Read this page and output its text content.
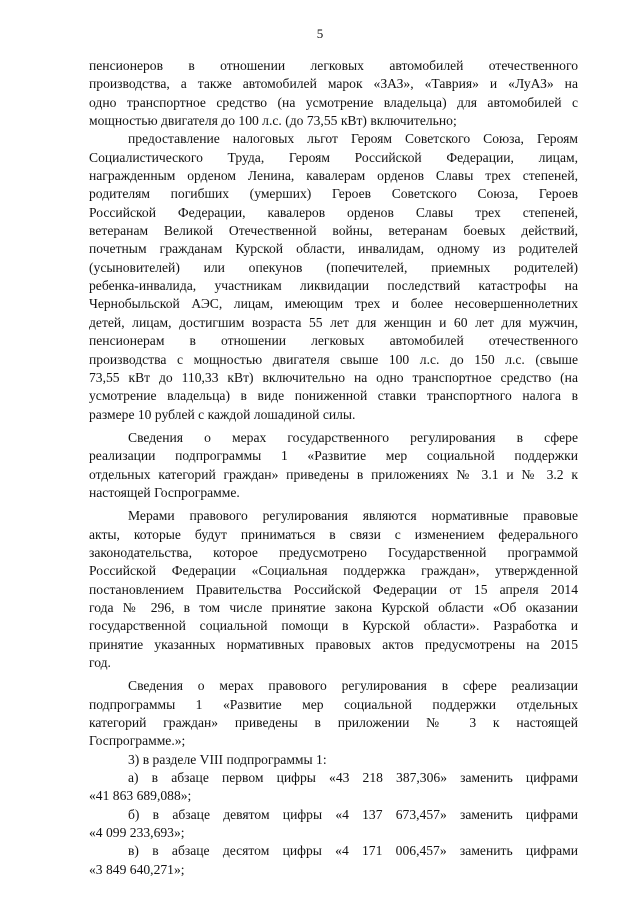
5

пенсионеров в отношении легковых автомобилей отечественного
производства, а также автомобилей марок «ЗАЗ», «Таврия» и «ЛуАЗ» на
одно транспортное средство (на усмотрение владельца) для автомобилей с
мощностью двигателя до 100 л.с. (до 73,55 кВт) включительно;

предоставление налоговых льгот Героям Советского Союза, Героям
Социалистического Труда, Героям Российской Федерации, лицам,
награжденным орденом Ленина, кавалерам орденов Славы трех степеней,
родителям погибших (умерших) Героев Советского Союза, Героев
Российской Федерации, кавалеров орденов Славы трех степеней,
ветеранам Великой Отечественной войны, ветеранам боевых действий,
почетным гражданам Курской области, инвалидам, одному из родителей
(усыновителей) или опекунов (попечителей, приемных родителей)
ребенка-инвалида, участникам ликвидации последствий катастрофы на
Чернобыльской АЭС, лицам, имеющим трех и более несовершеннолетних
детей, лицам, достигшим возраста 55 лет для женщин и 60 лет для мужчин,
пенсионерам в отношении легковых автомобилей отечественного
производства с мощностью двигателя свыше 100 л.с. до 150 л.с. (свыше
73,55 кВт до 110,33 кВт) включительно на одно транспортное средство (на
усмотрение владельца) в виде пониженной ставки транспортного налога в
размере 10 рублей с каждой лошадиной силы.

Сведения о мерах государственного регулирования в сфере
реализации подпрограммы 1 «Развитие мер социальной поддержки
отдельных категорий граждан» приведены в приложениях № 3.1 и № 3.2 к
настоящей Госпрограмме.

Мерами правового регулирования являются нормативные правовые
акты, которые будут приниматься в связи с изменением федерального
законодательства, которое предусмотрено Государственной программой
Российской Федерации «Социальная поддержка граждан», утвержденной
постановлением Правительства Российской Федерации от 15 апреля 2014
года № 296, в том числе принятие закона Курской области «Об оказании
государственной социальной помощи в Курской области». Разработка и
принятие указанных нормативных правовых актов предусмотрены на 2015
год.

Сведения о мерах правового регулирования в сфере реализации
подпрограммы 1 «Развитие мер социальной поддержки отдельных
категорий граждан» приведены в приложении № 3 к настоящей
Госпрограмме.»;

3) в разделе VIII подпрограммы 1:

а) в абзаце первом цифры «43 218 387,306» заменить цифрами
«41 863 689,088»;

б) в абзаце девятом цифры «4 137 673,457» заменить цифрами
«4 099 233,693»;

в) в абзаце десятом цифры «4 171 006,457» заменить цифрами
«3 849 640,271»;
